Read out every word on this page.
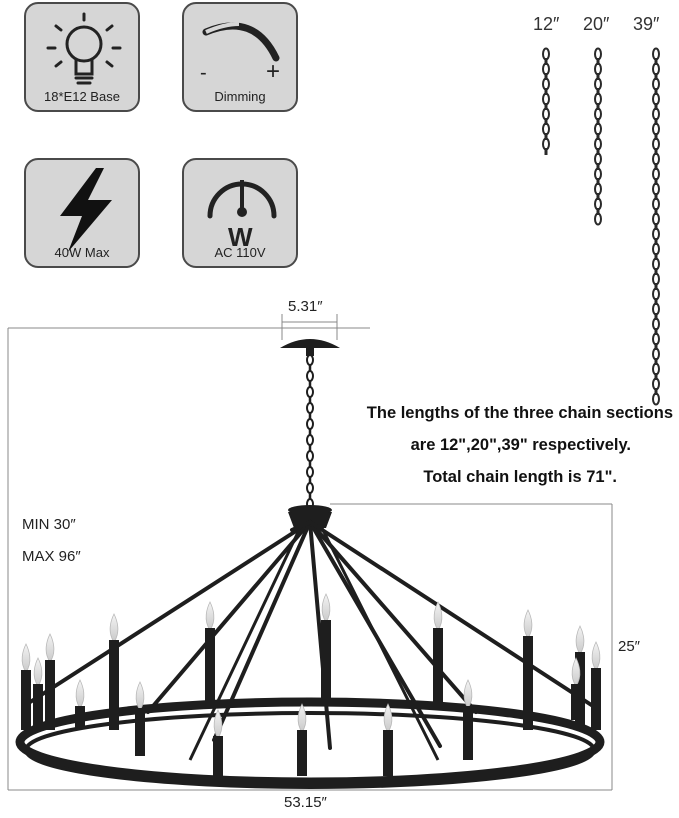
18*E12 Base
- +
Dimming
40W Max
W
AC 110V
12″ 20″ 39″
The lengths of the three chain sections
are 12",20",39" respectively.
Total chain length is 71".
5.31″
MIN 30″
MAX 96″
25″
53.15″
